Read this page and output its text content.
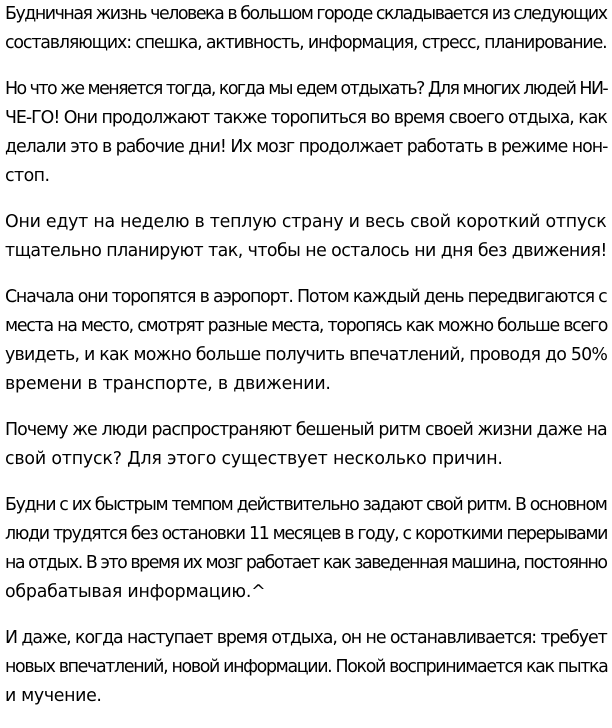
Будничная жизнь человека в большом городе складывается из следующих
составляющих: спешка, активность, информация, стресс, планирование.

Но что же меняется тогда, когда мы едем отдыхать? Для многих людей НИ-
ЧЕ-ГО! Они продолжают также торопиться во время своего отдыха, как
делали это в рабочие дни! Их мозг продолжает работать в режиме нон-
стоп.

Они едут на неделю в теплую страну и весь свой короткий отпуск
тщательно планируют так, чтобы не осталось ни дня без движения!

Сначала они торопятся в аэропорт. Потом каждый день передвигаются с
места на место, смотрят разные места, торопясь как можно больше всего
увидеть, и как можно больше получить впечатлений, проводя до 50%
времени в транспорте, в движении.

Почему же люди распространяют бешеный ритм своей жизни даже на
свой отпуск? Для этого существует несколько причин.

Будни с их быстрым темпом действительно задают свой ритм. В основном
люди трудятся без остановки 11 месяцев в году, с короткими перерывами
на отдых. В это время их мозг работает как заведенная машина, постоянно
обрабатывая информацию.^

И даже, когда наступает время отдыха, он не останавливается: требует
новых впечатлений, новой информации. Покой воспринимается как пытка
и мучение.
